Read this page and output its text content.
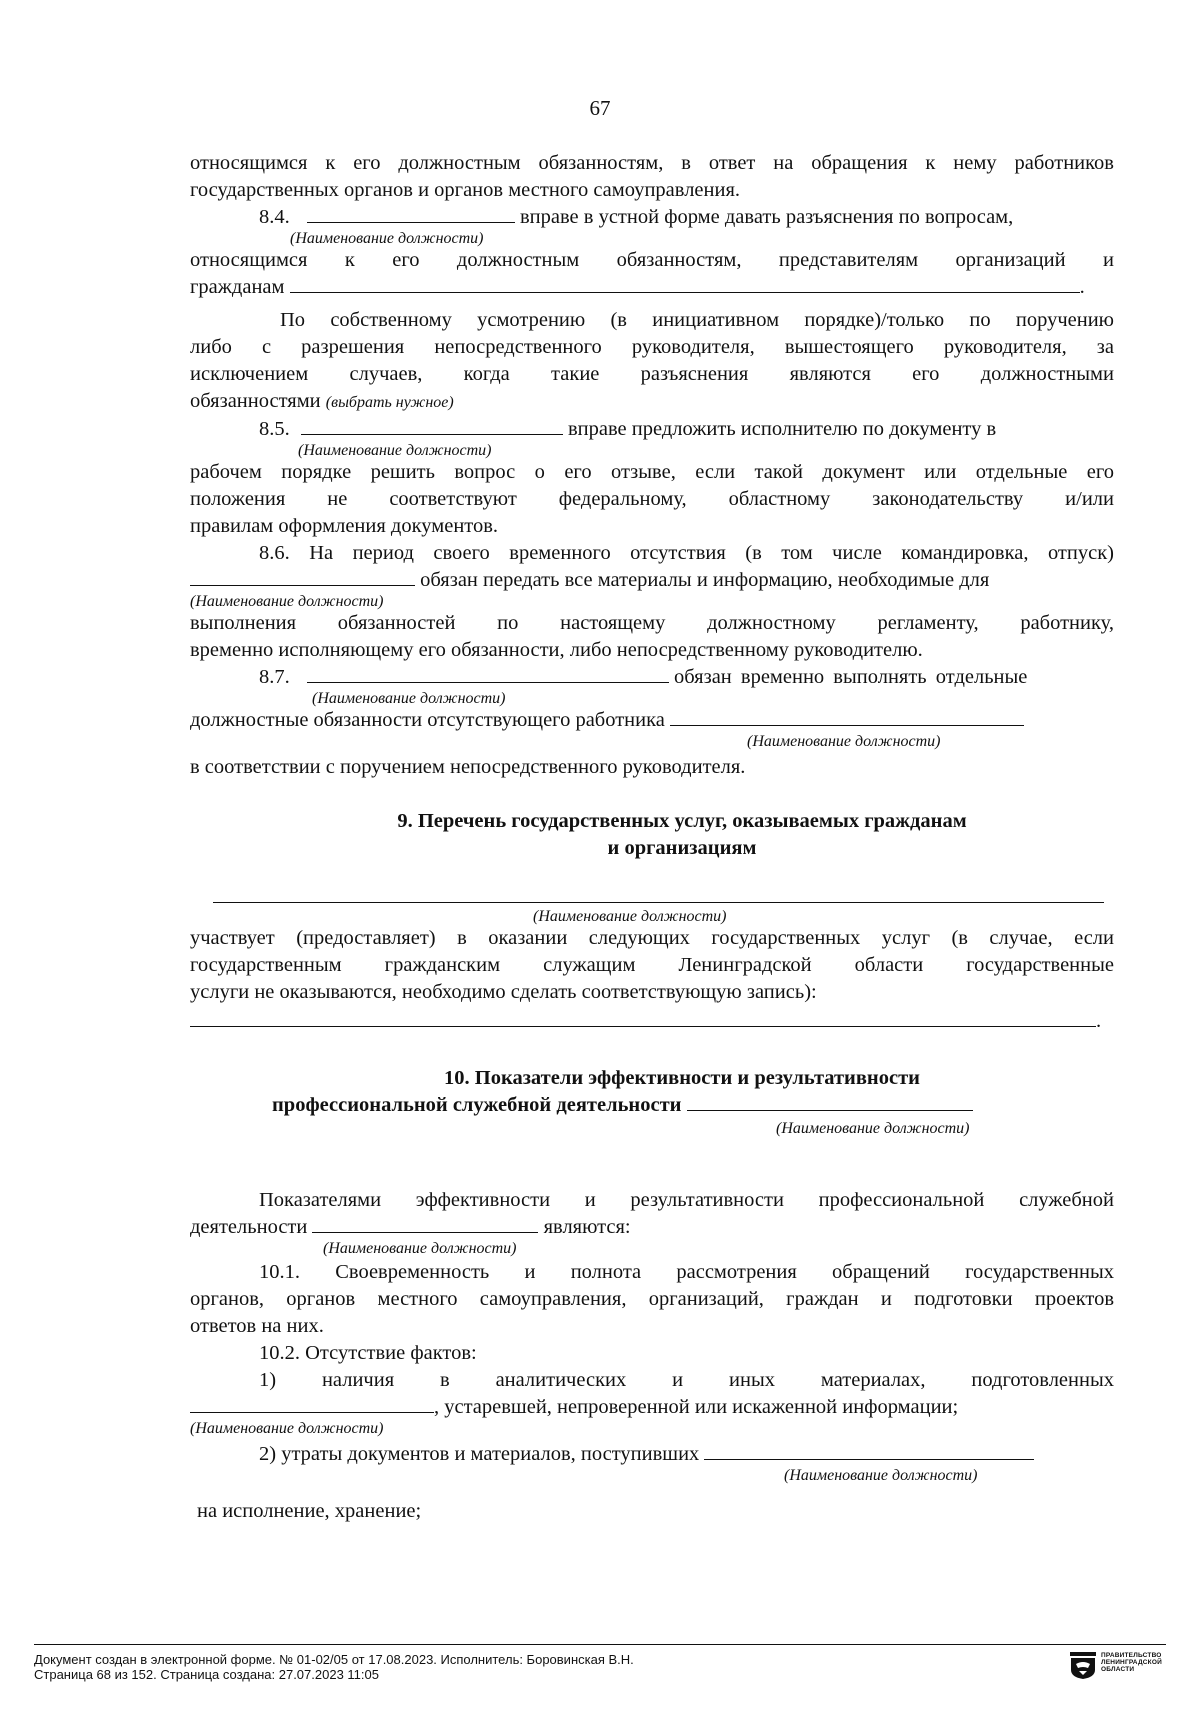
67

относящимся к его должностным обязанностям, в ответ на обращения к нему работников

государственных органов и органов местного самоуправления.

8.4.	вправе в устной форме давать разъяснения по вопросам,

(Наименование должности)

относящимся к его должностным обязанностям, представителям организаций и

гражданам	.

По собственному усмотрению (в инициативном порядке)/только по поручению

либо с разрешения непосредственного руководителя, вышестоящего руководителя, за

исключением случаев, когда такие разъяснения являются его должностными

обязанностями (выбрать нужное)

8.5.	вправе предложить исполнителю по документу в

(Наименование должности)

рабочем порядке решить вопрос о его отзыве, если такой документ или отдельные его

положения не соответствуют федеральному, областному законодательству и/или

правилам оформления документов.

8.6. На период своего временного отсутствия (в том числе командировка, отпуск)

обязан передать все материалы и информацию, необходимые для

(Наименование должности)

выполнения обязанностей по настоящему должностному регламенту, работнику,

временно исполняющему его обязанности, либо непосредственному руководителю.

8.7.	обязан временно выполнять отдельные

(Наименование должности)

должностные обязанности отсутствующего работника

(Наименование должности)

в соответствии с поручением непосредственного руководителя.

9. Перечень государственных услуг, оказываемых гражданам

и организациям

(Наименование должности)

участвует (предоставляет) в оказании следующих государственных услуг (в случае, если

государственным гражданским служащим Ленинградской области государственные

услуги не оказываются, необходимо сделать соответствующую запись):

.

10. Показатели эффективности и результативности

профессиональной служебной деятельности

(Наименование должности)

Показателями эффективности и результативности профессиональной служебной

деятельности	являются:

(Наименование должности)

10.1. Своевременность и полнота рассмотрения обращений государственных

органов, органов местного самоуправления, организаций, граждан и подготовки проектов

ответов на них.

10.2. Отсутствие фактов:

1) наличия в аналитических и иных материалах, подготовленных

, устаревшей, непроверенной или искаженной информации;

(Наименование должности)

2) утраты документов и материалов, поступивших

(Наименование должности)

на исполнение, хранение;

Документ создан в электронной форме. № 01-02/05 от 17.08.2023. Исполнитель: Боровинская В.Н.
Страница 68 из 152. Страница создана: 27.07.2023 11:05
ПРАВИТЕЛЬСТВО
ЛЕНИНГРАДСКОЙ
ОБЛАСТИ
